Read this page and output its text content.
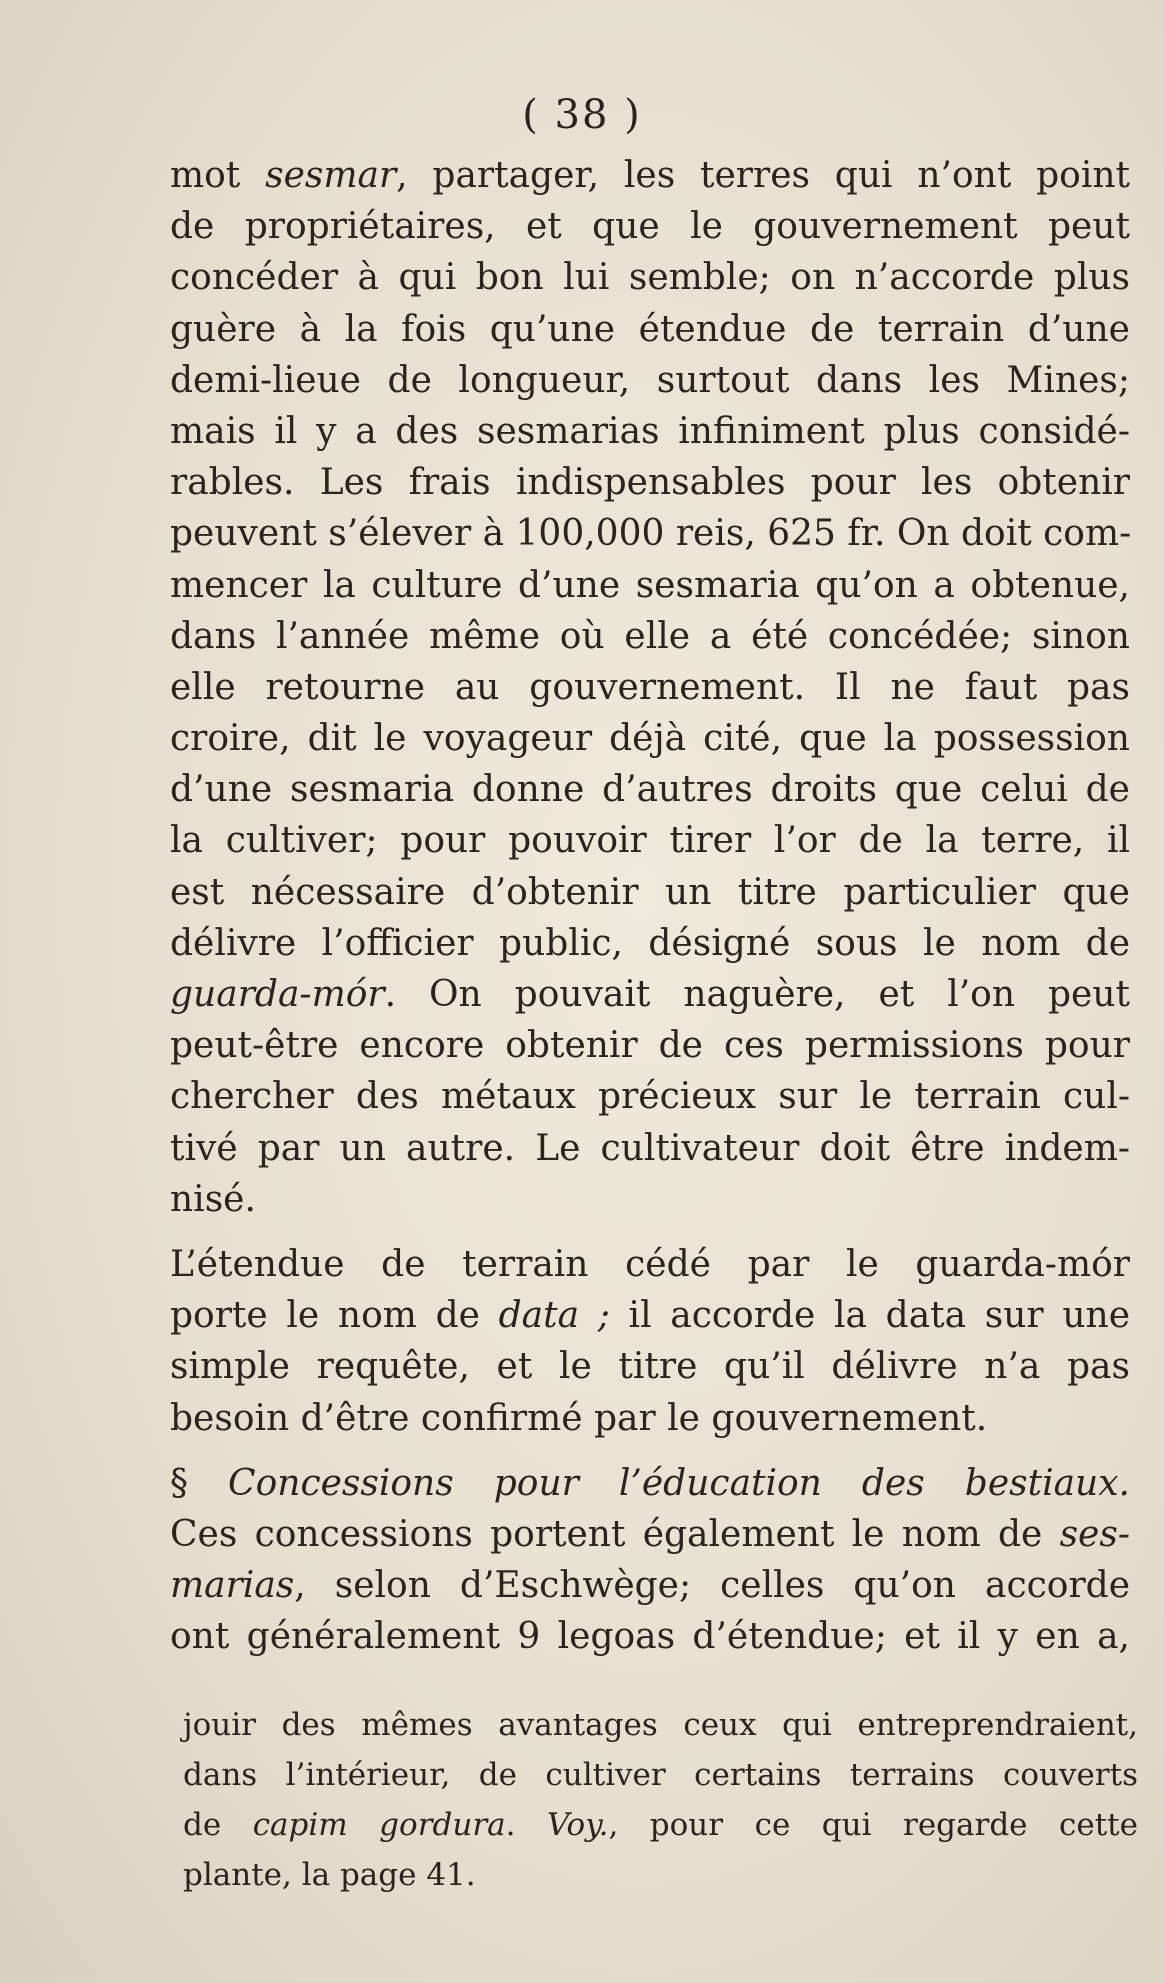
( 38 )
mot sesmar, partager, les terres qui n’ont point
de propriétaires, et que le gouvernement peut
concéder à qui bon lui semble; on n’accorde plus
guère à la fois qu’une étendue de terrain d’une
demi-lieue de longueur, surtout dans les Mines;
mais il y a des sesmarias infiniment plus considé-
rables. Les frais indispensables pour les obtenir
peuvent s’élever à 100,000 reis, 625 fr. On doit com-
mencer la culture d’une sesmaria qu’on a obtenue,
dans l’année même où elle a été concédée; sinon
elle retourne au gouvernement. Il ne faut pas
croire, dit le voyageur déjà cité, que la possession
d’une sesmaria donne d’autres droits que celui de
la cultiver; pour pouvoir tirer l’or de la terre, il
est nécessaire d’obtenir un titre particulier que
délivre l’officier public, désigné sous le nom de
guarda-mór. On pouvait naguère, et l’on peut
peut-être encore obtenir de ces permissions pour
chercher des métaux précieux sur le terrain cul-
tivé par un autre. Le cultivateur doit être indem-
nisé.
L’étendue de terrain cédé par le guarda-mór
porte le nom de data ; il accorde la data sur une
simple requête, et le titre qu’il délivre n’a pas
besoin d’être confirmé par le gouvernement.
§ Concessions pour l’éducation des bestiaux.
Ces concessions portent également le nom de ses-
marias, selon d’Eschwège; celles qu’on accorde
ont généralement 9 legoas d’étendue; et il y en a,
jouir des mêmes avantages ceux qui entreprendraient,
dans l’intérieur, de cultiver certains terrains couverts
de capim gordura. Voy., pour ce qui regarde cette
plante, la page 41.
